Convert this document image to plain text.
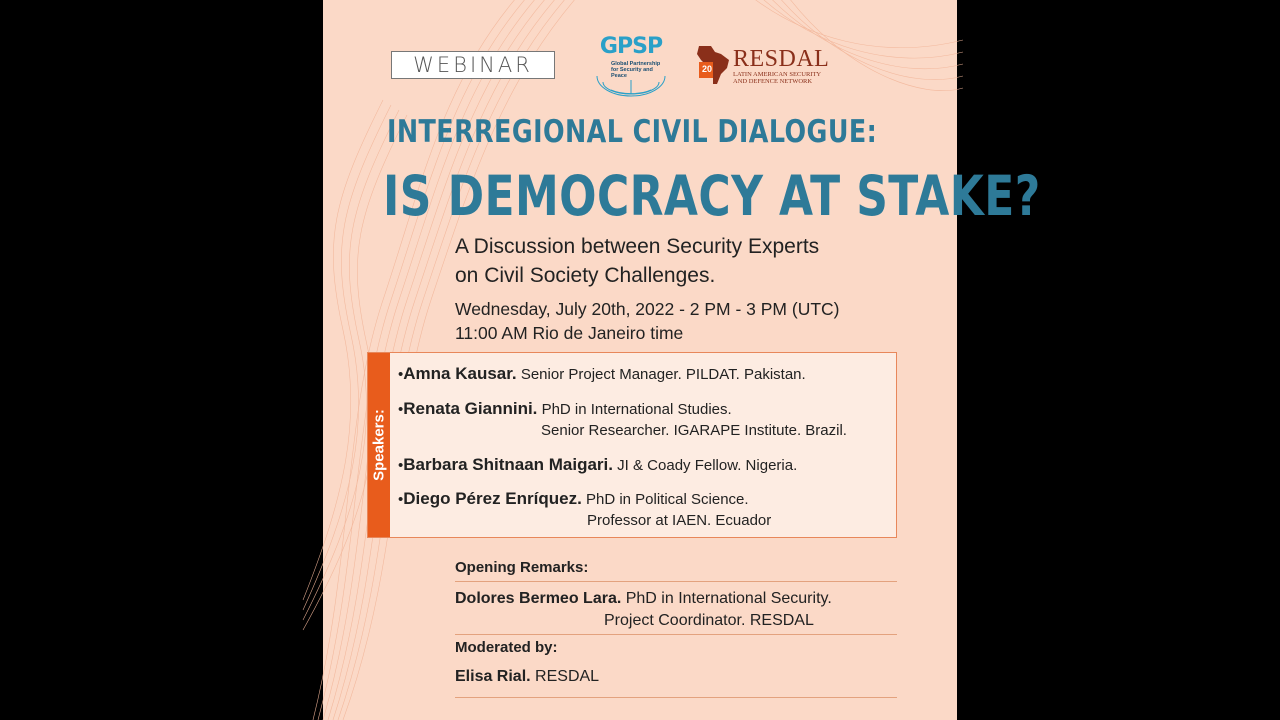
WEBINAR
GPSP
Global Partnership for Security and Peace
20 RESDAL
LATIN AMERICAN SECURITY AND DEFENCE NETWORK
INTERREGIONAL CIVIL DIALOGUE:
IS DEMOCRACY AT STAKE?
A Discussion between Security Experts
on Civil Society Challenges.
Wednesday, July 20th, 2022 - 2 PM - 3 PM (UTC)
11:00 AM Rio de Janeiro time
Speakers:
•Amna Kausar. Senior Project Manager. PILDAT. Pakistan.
•Renata Giannini. PhD in International Studies.
Senior Researcher. IGARAPE Institute. Brazil.
•Barbara Shitnaan Maigari. JI & Coady Fellow. Nigeria.
•Diego Pérez Enríquez. PhD in Political Science.
Professor at IAEN. Ecuador
Opening Remarks:
Dolores Bermeo Lara. PhD in International Security.
Project Coordinator. RESDAL
Moderated by:
Elisa Rial. RESDAL
